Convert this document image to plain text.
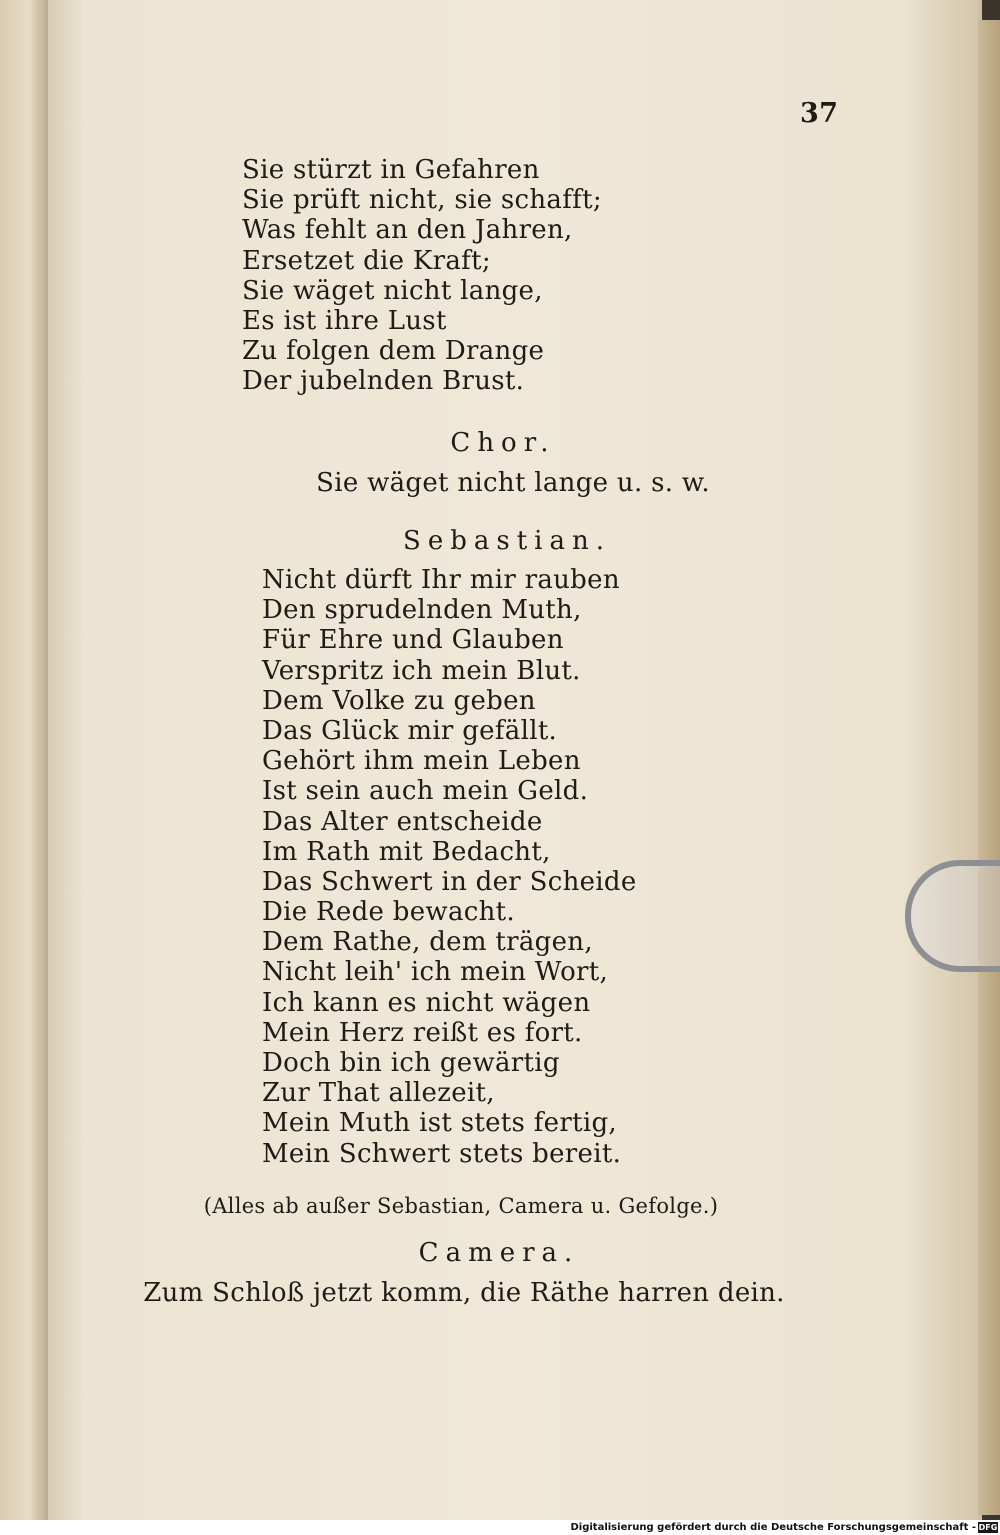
37
Sie stürzt in Gefahren
Sie prüft nicht, sie schafft;
Was fehlt an den Jahren,
Ersetzet die Kraft;
Sie wäget nicht lange,
Es ist ihre Lust
Zu folgen dem Drange
Der jubelnden Brust.
Chor.
Sie wäget nicht lange u. s. w.
Sebastian.
Nicht dürft Ihr mir rauben
Den sprudelnden Muth,
Für Ehre und Glauben
Verspritz ich mein Blut.
Dem Volke zu geben
Das Glück mir gefällt.
Gehört ihm mein Leben
Ist sein auch mein Geld.
Das Alter entscheide
Im Rath mit Bedacht,
Das Schwert in der Scheide
Die Rede bewacht.
Dem Rathe, dem trägen,
Nicht leih' ich mein Wort,
Ich kann es nicht wägen
Mein Herz reißt es fort.
Doch bin ich gewärtig
Zur That allezeit,
Mein Muth ist stets fertig,
Mein Schwert stets bereit.
(Alles ab außer Sebastian, Camera u. Gefolge.)
Camera.
Zum Schloß jetzt komm, die Räthe harren dein.
Digitalisierung gefördert durch die Deutsche Forschungsgemeinschaft - DFG
